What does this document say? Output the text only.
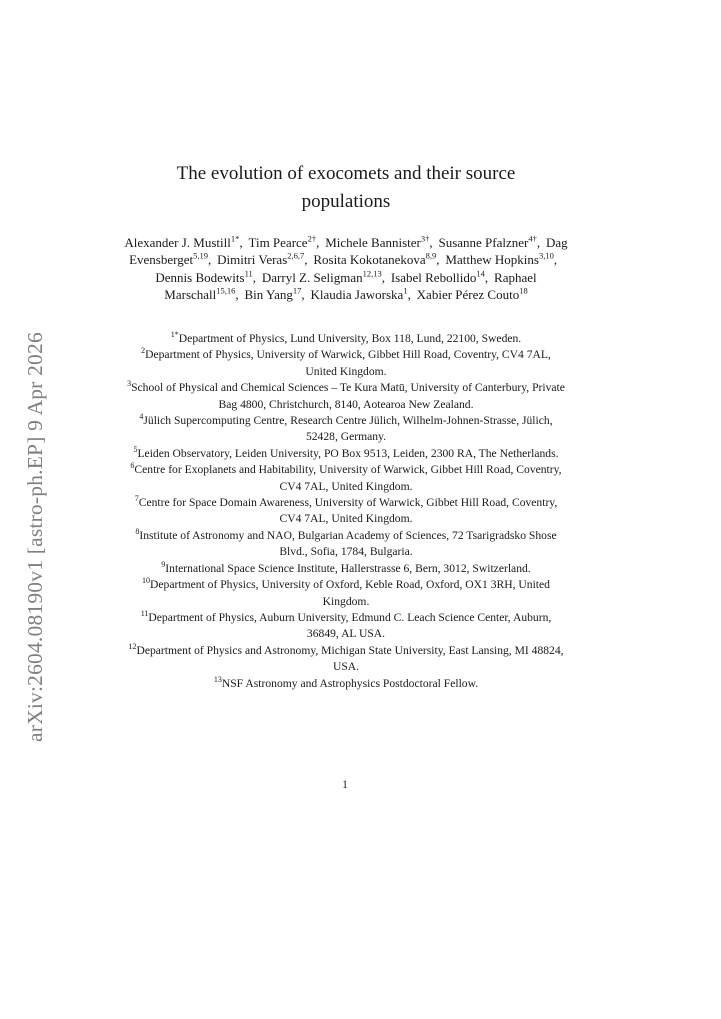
arXiv:2604.08190v1 [astro-ph.EP] 9 Apr 2026
The evolution of exocomets and their source populations
Alexander J. Mustill$^{1*}$,  Tim Pearce$^{2\dagger}$,  Michele Bannister$^{3\dagger}$,  Susanne Pfalzner$^{4\dagger}$,  Dag Evensberget$^{5,19}$,  Dimitri Veras$^{2,6,7}$,  Rosita Kokotanekova$^{8,9}$,  Matthew Hopkins$^{3,10}$,  Dennis Bodewits$^{11}$,  Darryl Z. Seligman$^{12,13}$,  Isabel Rebollido$^{14}$,  Raphael Marschall$^{15,16}$,  Bin Yang$^{17}$,  Klaudia Jaworska$^1$,  Xabier Pérez Couto$^{18}$
$^{1*}$Department of Physics, Lund University, Box 118, Lund, 22100, Sweden.
$^2$Department of Physics, University of Warwick, Gibbet Hill Road, Coventry, CV4 7AL, United Kingdom.
$^3$School of Physical and Chemical Sciences – Te Kura Matū, University of Canterbury, Private Bag 4800, Christchurch, 8140, Aotearoa New Zealand.
$^4$Jülich Supercomputing Centre, Research Centre Jülich, Wilhelm-Johnen-Strasse, Jülich, 52428, Germany.
$^5$Leiden Observatory, Leiden University, PO Box 9513, Leiden, 2300 RA, The Netherlands.
$^6$Centre for Exoplanets and Habitability, University of Warwick, Gibbet Hill Road, Coventry, CV4 7AL, United Kingdom.
$^7$Centre for Space Domain Awareness, University of Warwick, Gibbet Hill Road, Coventry, CV4 7AL, United Kingdom.
$^8$Institute of Astronomy and NAO, Bulgarian Academy of Sciences, 72 Tsarigradsko Shose Blvd., Sofia, 1784, Bulgaria.
$^9$International Space Science Institute, Hallerstrasse 6, Bern, 3012, Switzerland.
$^{10}$Department of Physics, University of Oxford, Keble Road, Oxford, OX1 3RH, United Kingdom.
$^{11}$Department of Physics, Auburn University, Edmund C. Leach Science Center, Auburn, 36849, AL USA.
$^{12}$Department of Physics and Astronomy, Michigan State University, East Lansing, MI 48824, USA.
$^{13}$NSF Astronomy and Astrophysics Postdoctoral Fellow.
1
